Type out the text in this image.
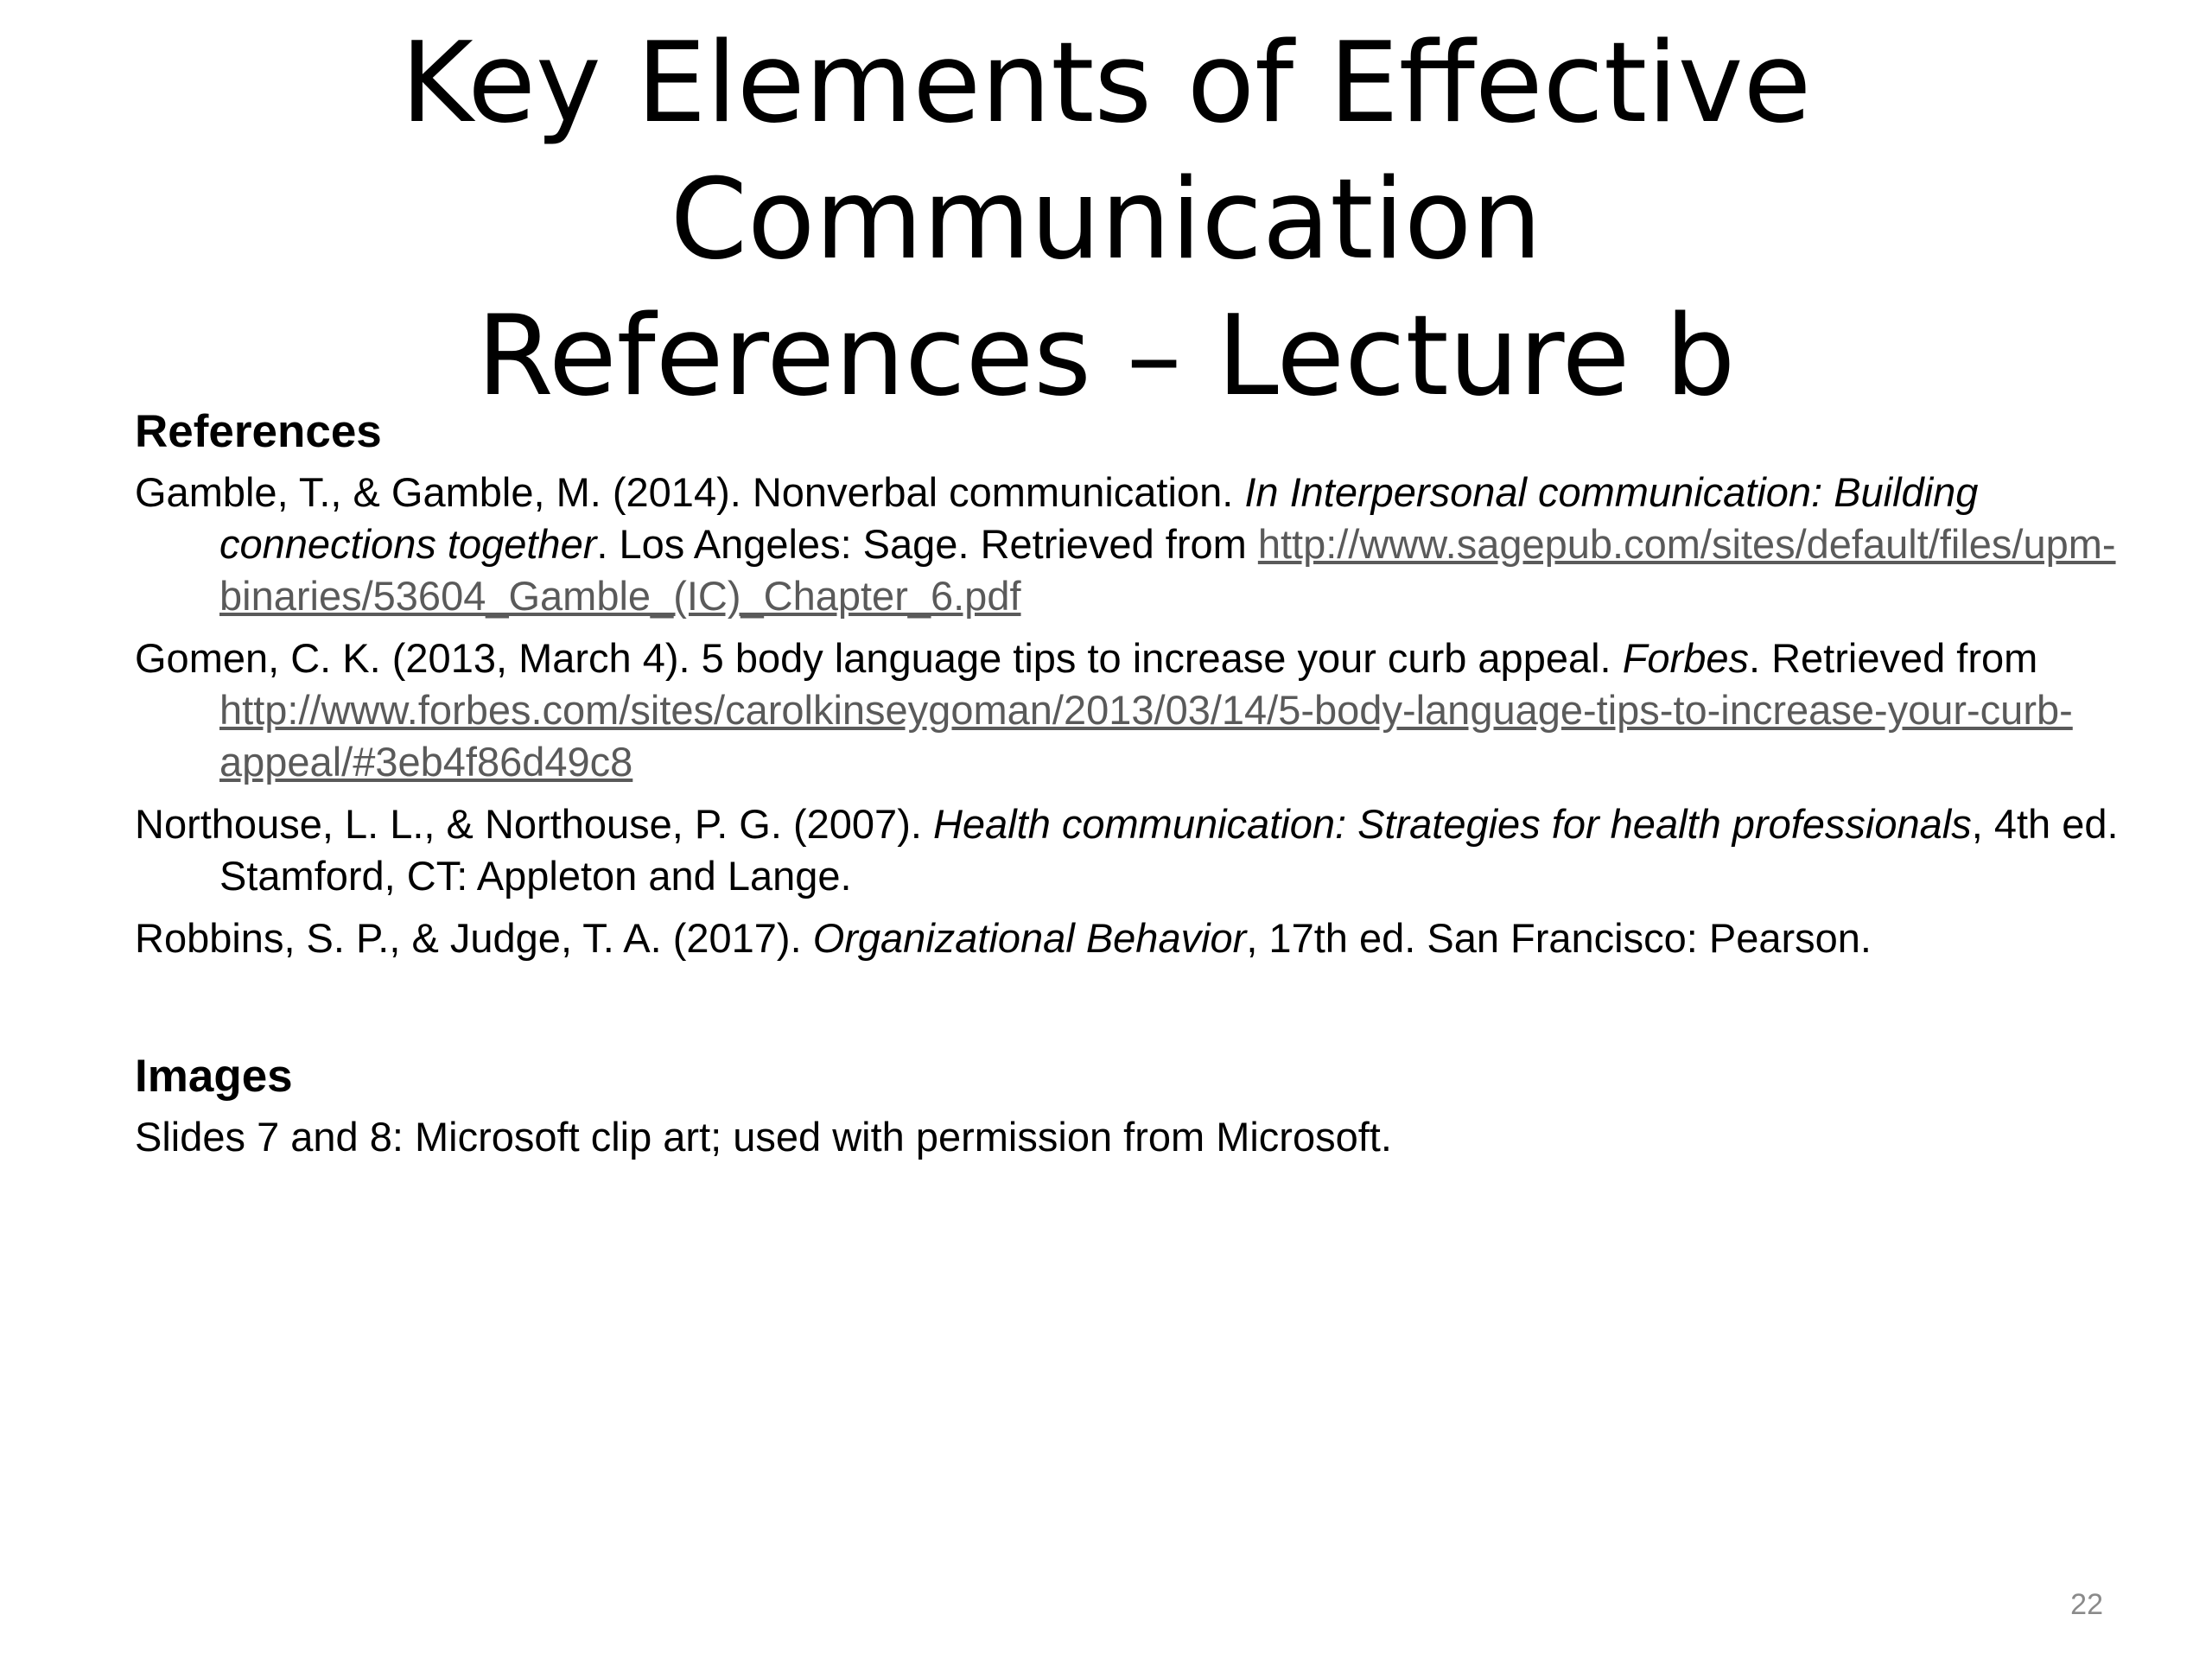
Key Elements of Effective
Communication
References – Lecture b
References
Gamble, T., & Gamble, M. (2014). Nonverbal communication. In Interpersonal communication: Building connections together. Los Angeles: Sage. Retrieved from http://www.sagepub.com/sites/default/files/upm-binaries/53604_Gamble_(IC)_Chapter_6.pdf
Gomen, C. K. (2013, March 4). 5 body language tips to increase your curb appeal. Forbes. Retrieved from http://www.forbes.com/sites/carolkinseygoman/2013/03/14/5-body-language-tips-to-increase-your-curb-appeal/#3eb4f86d49c8
Northouse, L. L., & Northouse, P. G. (2007). Health communication: Strategies for health professionals, 4th ed. Stamford, CT: Appleton and Lange.
Robbins, S. P., & Judge, T. A. (2017). Organizational Behavior, 17th ed. San Francisco: Pearson.
Images

Slides 7 and 8: Microsoft clip art; used with permission from Microsoft.

22
